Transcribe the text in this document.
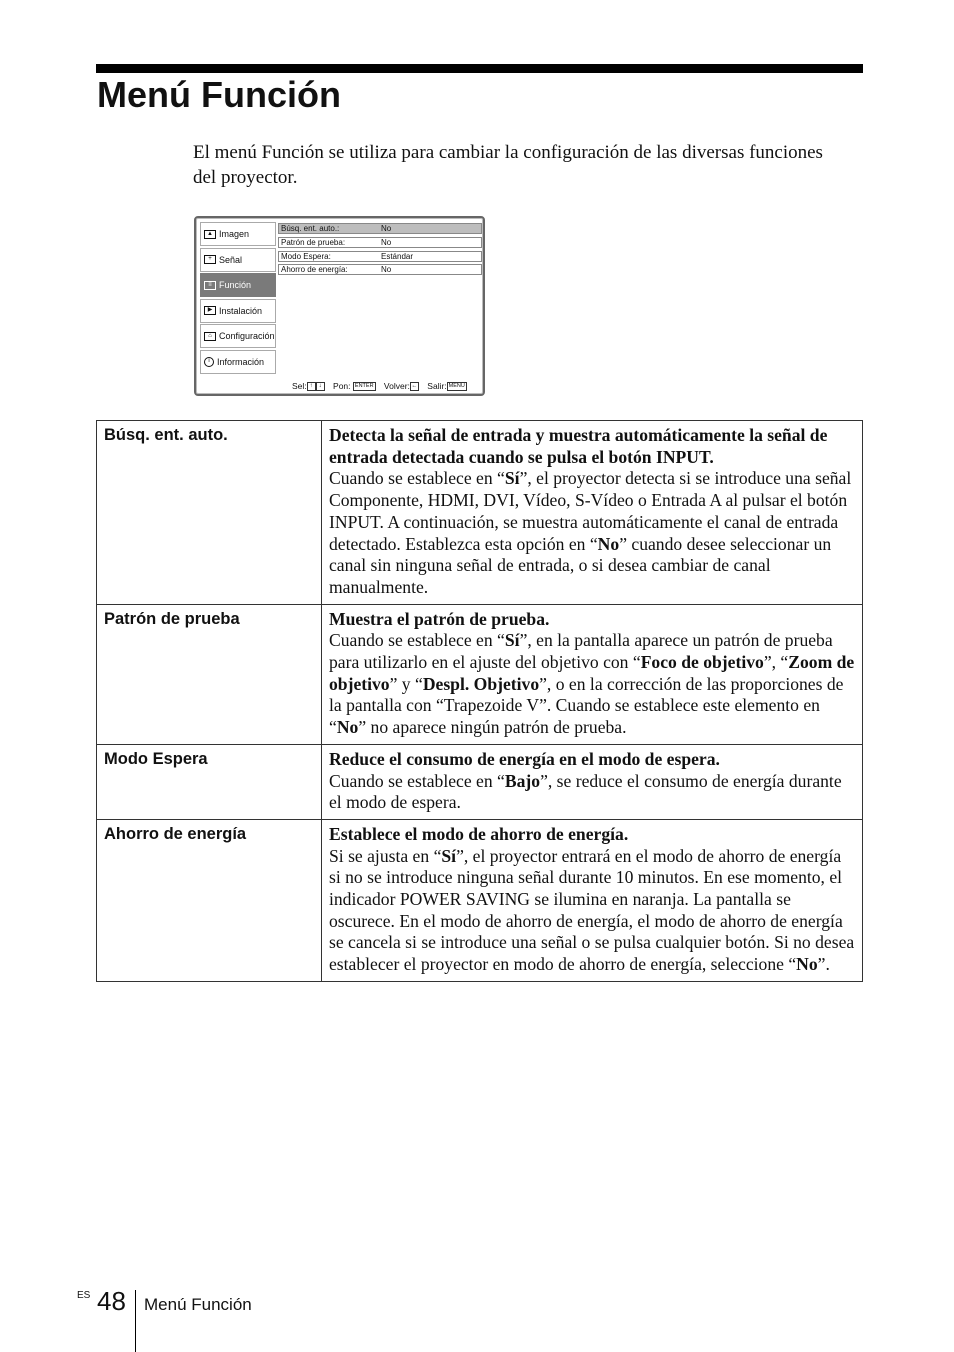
Menú Función

El menú Función se utiliza para cambiar la configuración de las diversas funciones del proyector.

▲ Imagen
+ Señal
≡ Función
▶ Instalación
⌂ Configuración
i Información
Búsq. ent. auto.:	No
Patrón de prueba:	No
Modo Espera:	Estándar
Ahorro de energía:	No
Sel: ↑ ↓ Pon: ENTER Volver: ← Salir: MENU
Búsq. ent. auto.	Detecta la señal de entrada y muestra automáticamente la señal de entrada detectada cuando se pulsa el botón INPUT.
Cuando se establece en “Sí”, el proyector detecta si se introduce una señal Componente, HDMI, DVI, Vídeo, S-Vídeo o Entrada A al pulsar el botón INPUT. A continuación, se muestra automáticamente el canal de entrada detectado. Establezca esta opción en “No” cuando desee seleccionar un canal sin ninguna señal de entrada, o si desea cambiar de canal manualmente.

Patrón de prueba	Muestra el patrón de prueba.
Cuando se establece en “Sí”, en la pantalla aparece un patrón de prueba para utilizarlo en el ajuste del objetivo con “Foco de objetivo”, “Zoom de objetivo” y “Despl. Objetivo”, o en la corrección de las proporciones de la pantalla con “Trapezoide V”. Cuando se establece este elemento en “No” no aparece ningún patrón de prueba.

Modo Espera	Reduce el consumo de energía en el modo de espera.
Cuando se establece en “Bajo”, se reduce el consumo de energía durante el modo de espera.

Ahorro de energía	Establece el modo de ahorro de energía.
Si se ajusta en “Sí”, el proyector entrará en el modo de ahorro de energía si no se introduce ninguna señal durante 10 minutos. En ese momento, el indicador POWER SAVING se ilumina en naranja. La pantalla se oscurece. En el modo de ahorro de energía, el modo de ahorro de energía se cancela si se introduce una señal o se pulsa cualquier botón. Si no desea establecer el proyector en modo de ahorro de energía, seleccione “No”.
ES 48 Menú Función
